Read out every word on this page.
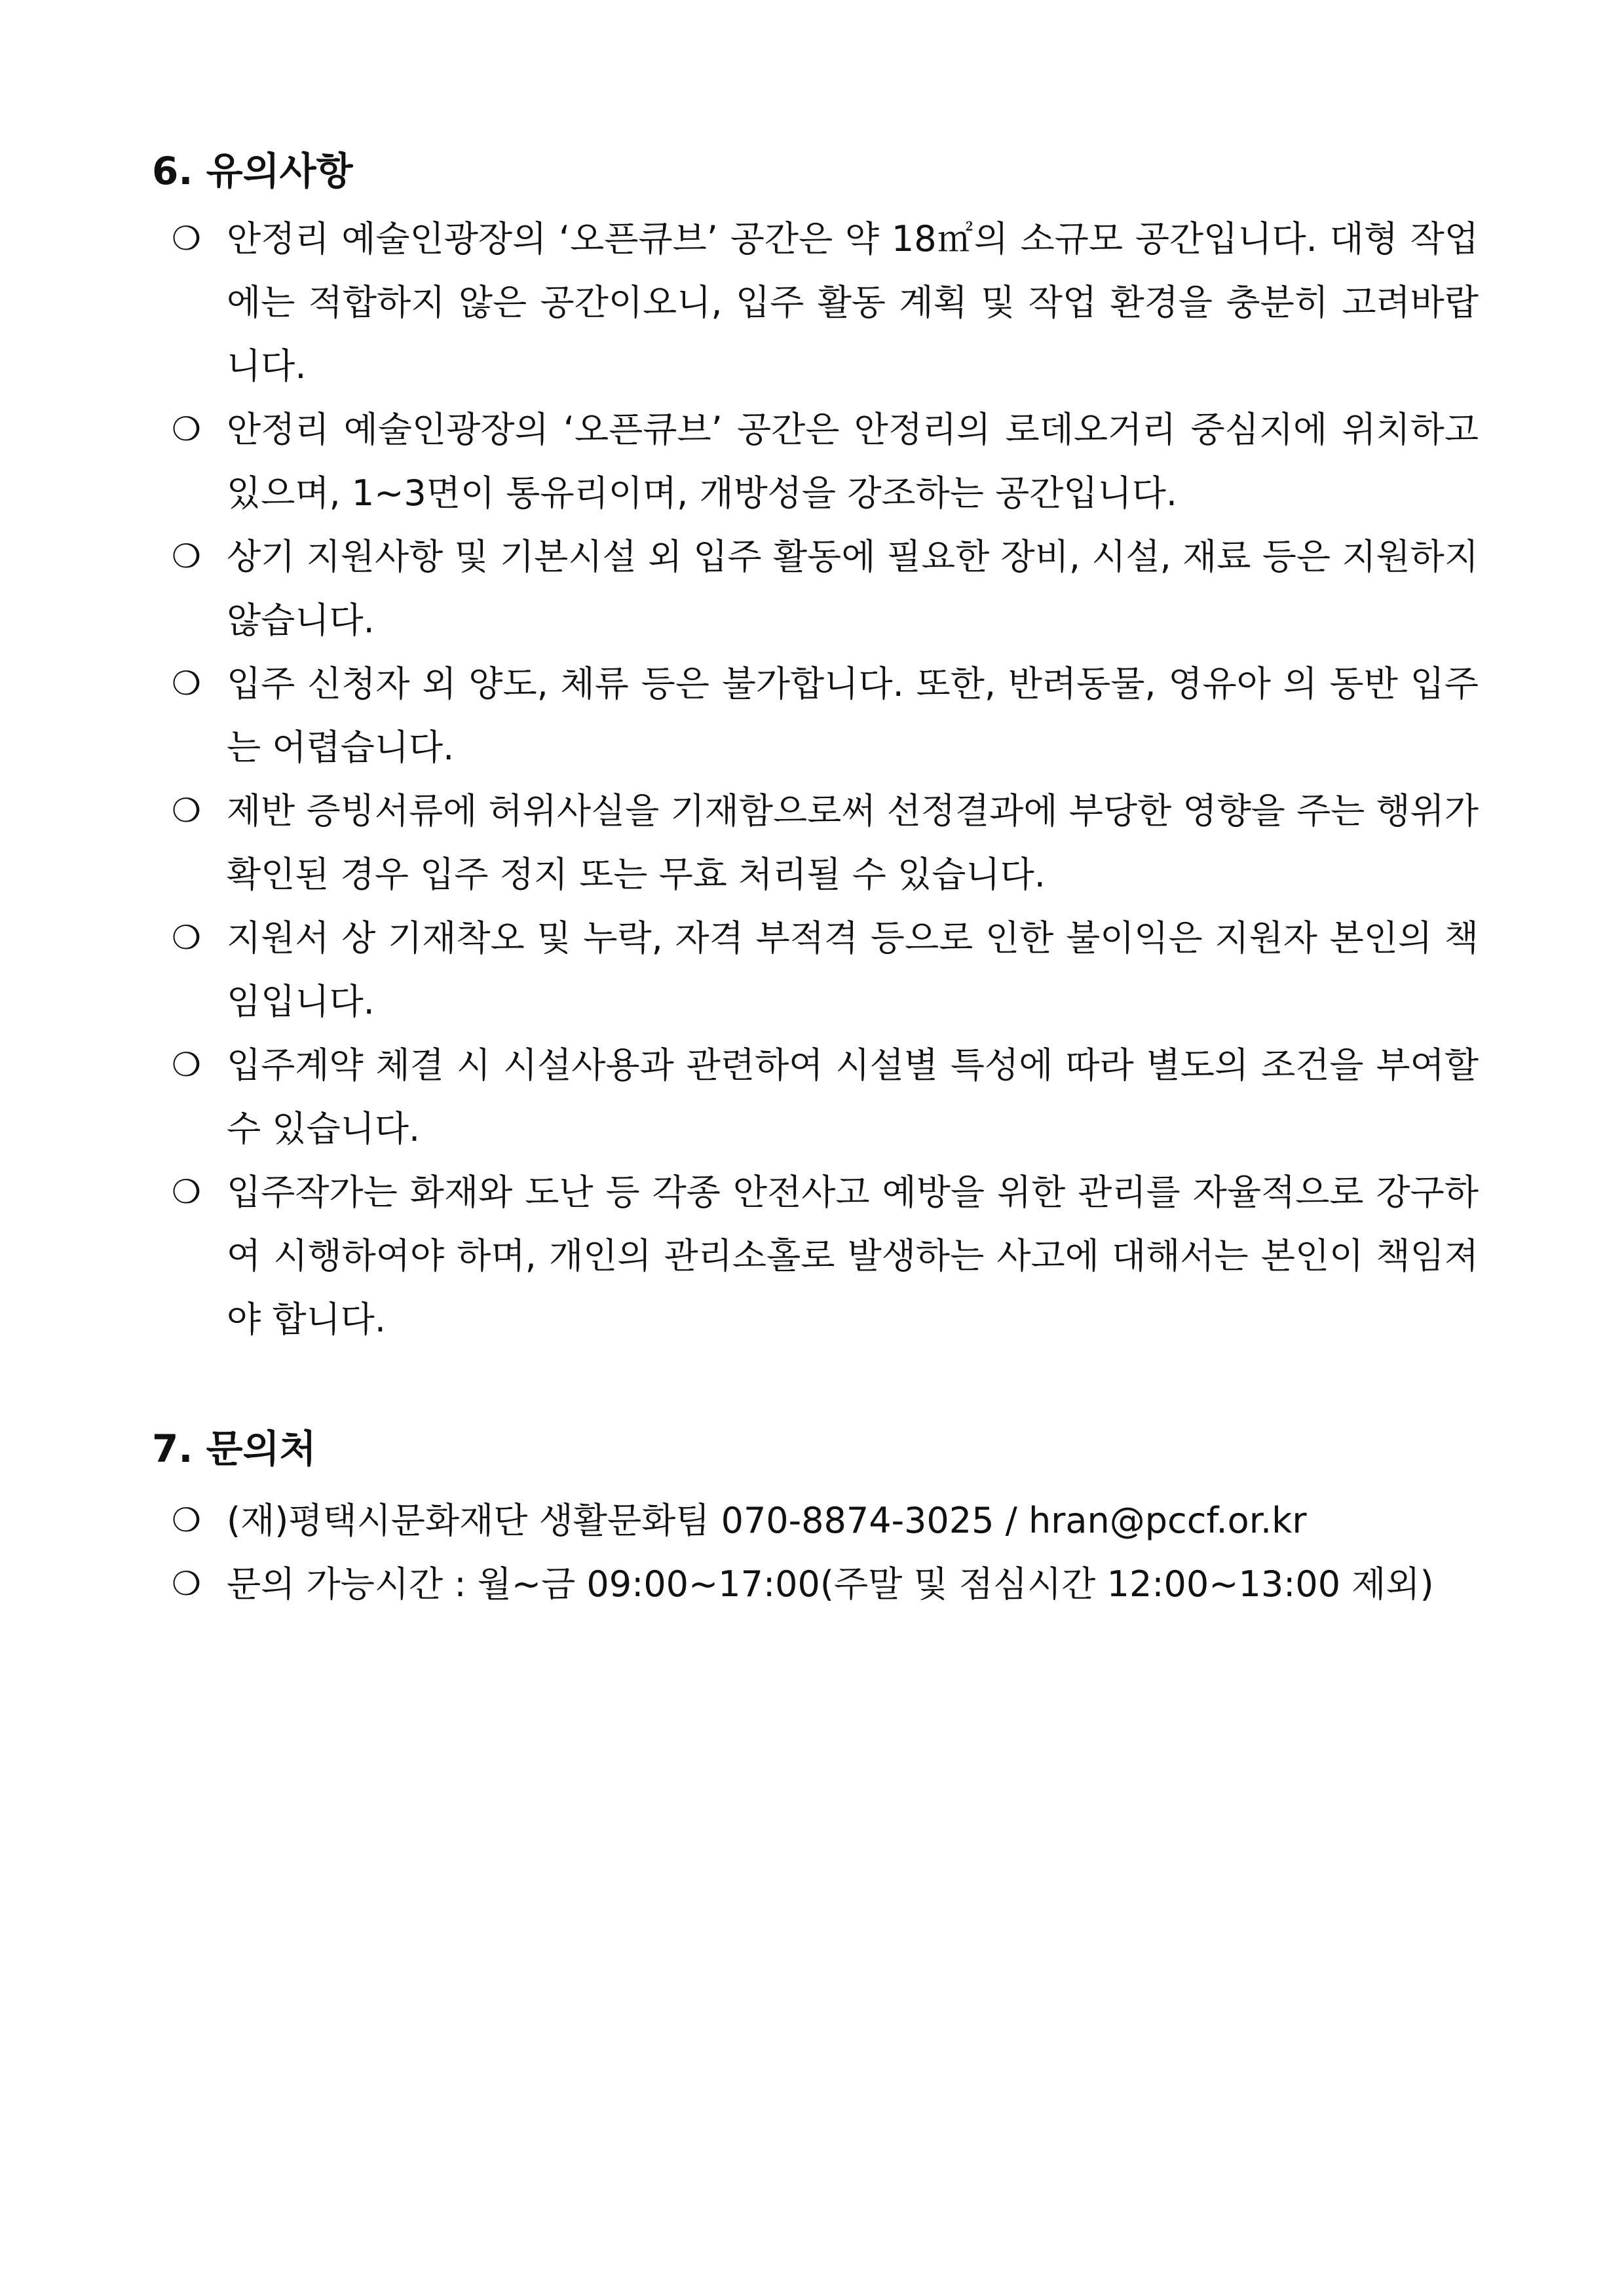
6. 유의사항
❍ 안정리 예술인광장의 ‘오픈큐브’ 공간은 약 18㎡의 소규모 공간입니다. 대형 작업에는 적합하지 않은 공간이오니, 입주 활동 계획 및 작업 환경을 충분히 고려바랍니다.
❍ 안정리 예술인광장의 ‘오픈큐브’ 공간은 안정리의 로데오거리 중심지에 위치하고 있으며, 1~3면이 통유리이며, 개방성을 강조하는 공간입니다.
❍ 상기 지원사항 및 기본시설 외 입주 활동에 필요한 장비, 시설, 재료 등은 지원하지 않습니다.
❍ 입주 신청자 외 양도, 체류 등은 불가합니다. 또한, 반려동물, 영유아 의 동반 입주는 어렵습니다.
❍ 제반 증빙서류에 허위사실을 기재함으로써 선정결과에 부당한 영향을 주는 행위가 확인된 경우 입주 정지 또는 무효 처리될 수 있습니다.
❍ 지원서 상 기재착오 및 누락, 자격 부적격 등으로 인한 불이익은 지원자 본인의 책임입니다.
❍ 입주계약 체결 시 시설사용과 관련하여 시설별 특성에 따라 별도의 조건을 부여할 수 있습니다.
❍ 입주작가는 화재와 도난 등 각종 안전사고 예방을 위한 관리를 자율적으로 강구하여 시행하여야 하며, 개인의 관리소홀로 발생하는 사고에 대해서는 본인이 책임져야 합니다.
7. 문의처
❍ (재)평택시문화재단 생활문화팀 070-8874-3025 / hran@pccf.or.kr
❍ 문의 가능시간 : 월~금 09:00~17:00(주말 및 점심시간 12:00~13:00 제외)
